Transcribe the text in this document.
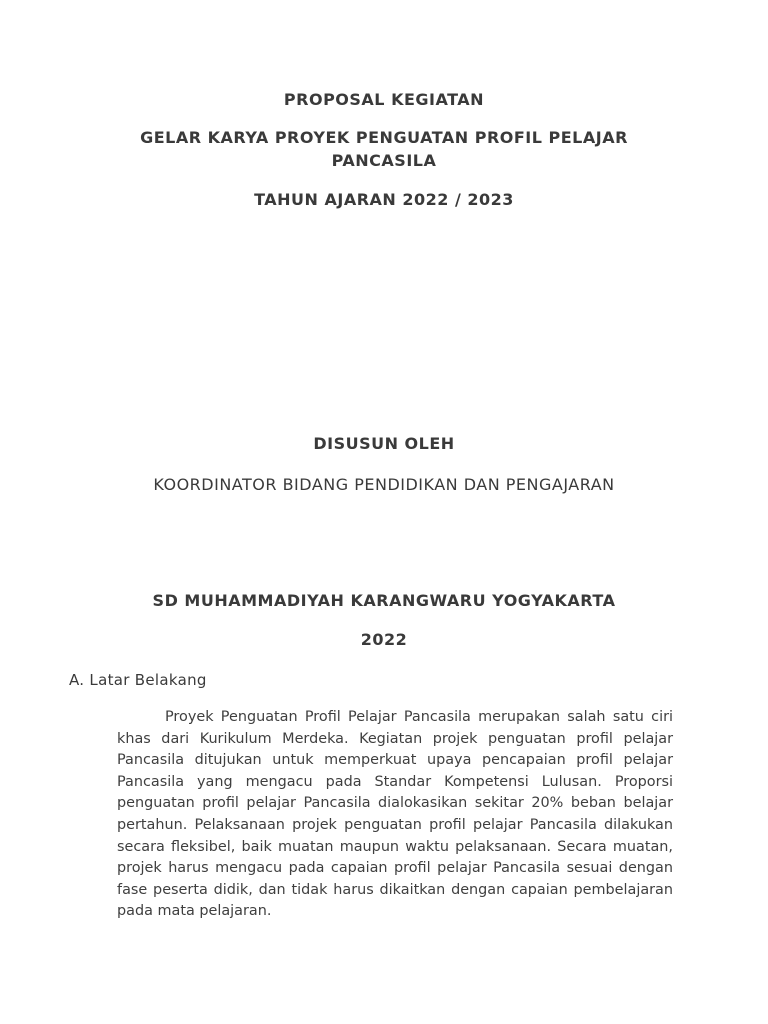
PROPOSAL KEGIATAN
GELAR KARYA PROYEK PENGUATAN PROFIL PELAJAR
PANCASILA
TAHUN AJARAN 2022 / 2023
DISUSUN OLEH
KOORDINATOR BIDANG PENDIDIKAN DAN PENGAJARAN
SD MUHAMMADIYAH KARANGWARU YOGYAKARTA
2022
A. Latar Belakang
Proyek Penguatan Profil Pelajar Pancasila merupakan salah satu ciri khas dari Kurikulum Merdeka. Kegiatan projek penguatan profil pelajar Pancasila ditujukan untuk memperkuat upaya pencapaian profil pelajar Pancasila yang mengacu pada Standar Kompetensi Lulusan. Proporsi penguatan profil pelajar Pancasila dialokasikan sekitar 20% beban belajar pertahun. Pelaksanaan projek penguatan profil pelajar Pancasila dilakukan secara fleksibel, baik muatan maupun waktu pelaksanaan. Secara muatan, projek harus mengacu pada capaian profil pelajar Pancasila sesuai dengan fase peserta didik, dan tidak harus dikaitkan dengan capaian pembelajaran pada mata pelajaran.
